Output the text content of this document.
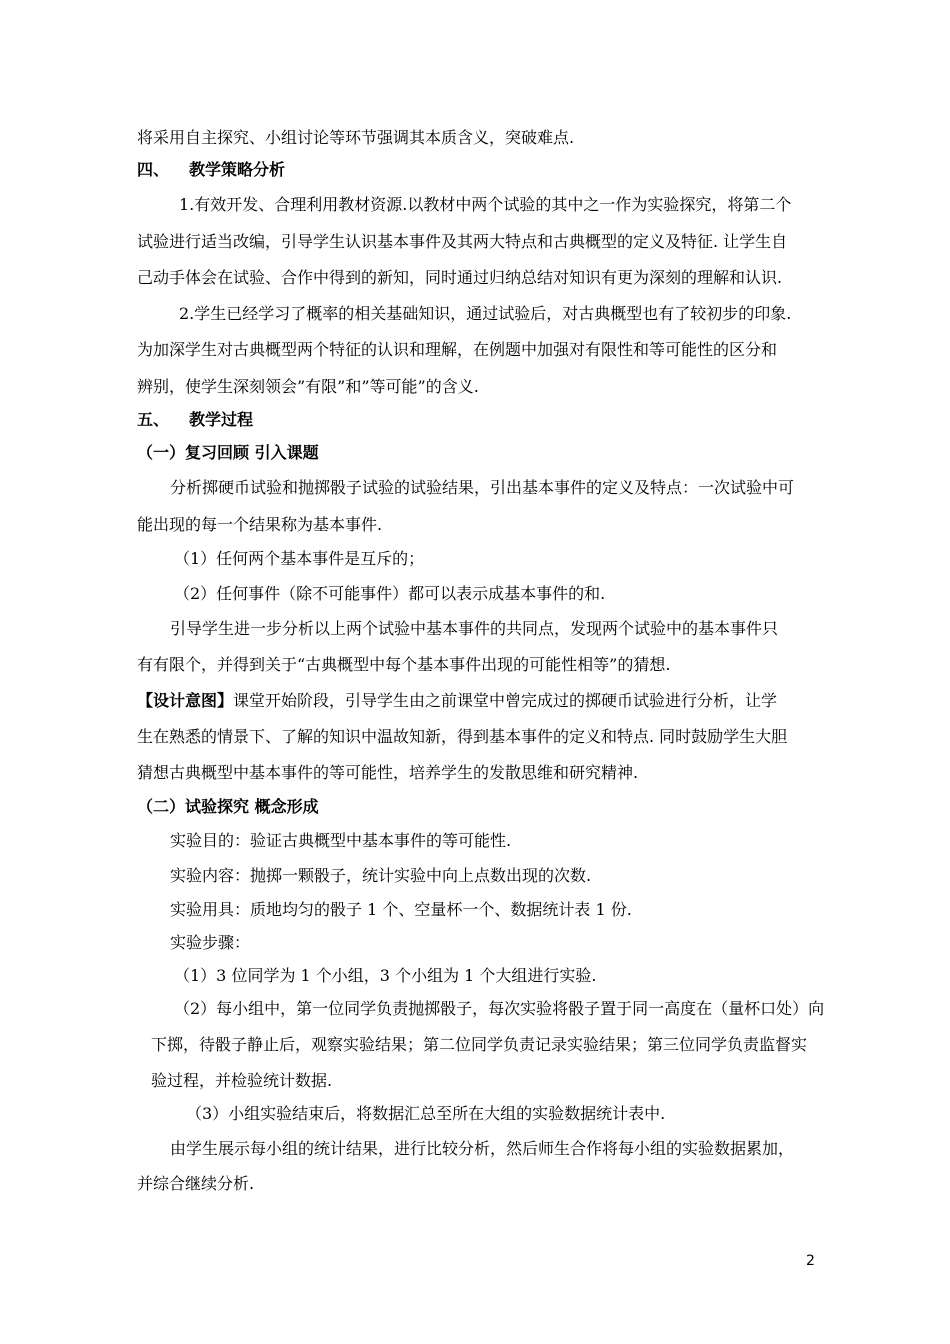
将采用自主探究、小组讨论等环节强调其本质含义，突破难点.
四、 教学策略分析
1.有效开发、合理利用教材资源.以教材中两个试验的其中之一作为实验探究，将第二个
试验进行适当改编，引导学生认识基本事件及其两大特点和古典概型的定义及特征. 让学生自
己动手体会在试验、合作中得到的新知，同时通过归纳总结对知识有更为深刻的理解和认识.
2.学生已经学习了概率的相关基础知识，通过试验后，对古典概型也有了较初步的印象.
为加深学生对古典概型两个特征的认识和理解，在例题中加强对有限性和等可能性的区分和
辨别，使学生深刻领会”有限”和”等可能”的含义.
五、 教学过程
（一）复习回顾 引入课题
分析掷硬币试验和抛掷骰子试验的试验结果，引出基本事件的定义及特点：一次试验中可
能出现的每一个结果称为基本事件.
（1）任何两个基本事件是互斥的；
（2）任何事件（除不可能事件）都可以表示成基本事件的和.
引导学生进一步分析以上两个试验中基本事件的共同点，发现两个试验中的基本事件只
有有限个，并得到关于“古典概型中每个基本事件出现的可能性相等”的猜想.
【设计意图】课堂开始阶段，引导学生由之前课堂中曾完成过的掷硬币试验进行分析，让学
生在熟悉的情景下、了解的知识中温故知新，得到基本事件的定义和特点. 同时鼓励学生大胆
猜想古典概型中基本事件的等可能性，培养学生的发散思维和研究精神.
（二）试验探究 概念形成
实验目的：验证古典概型中基本事件的等可能性.
实验内容：抛掷一颗骰子，统计实验中向上点数出现的次数.
实验用具：质地均匀的骰子 1 个、空量杯一个、数据统计表 1 份.
实验步骤：
（1）3 位同学为 1 个小组，3 个小组为 1 个大组进行实验.
（2）每小组中，第一位同学负责抛掷骰子，每次实验将骰子置于同一高度在（量杯口处）向
下掷，待骰子静止后，观察实验结果；第二位同学负责记录实验结果；第三位同学负责监督实
验过程，并检验统计数据.
（3）小组实验结束后，将数据汇总至所在大组的实验数据统计表中.
由学生展示每小组的统计结果，进行比较分析，然后师生合作将每小组的实验数据累加，
并综合继续分析.
2
